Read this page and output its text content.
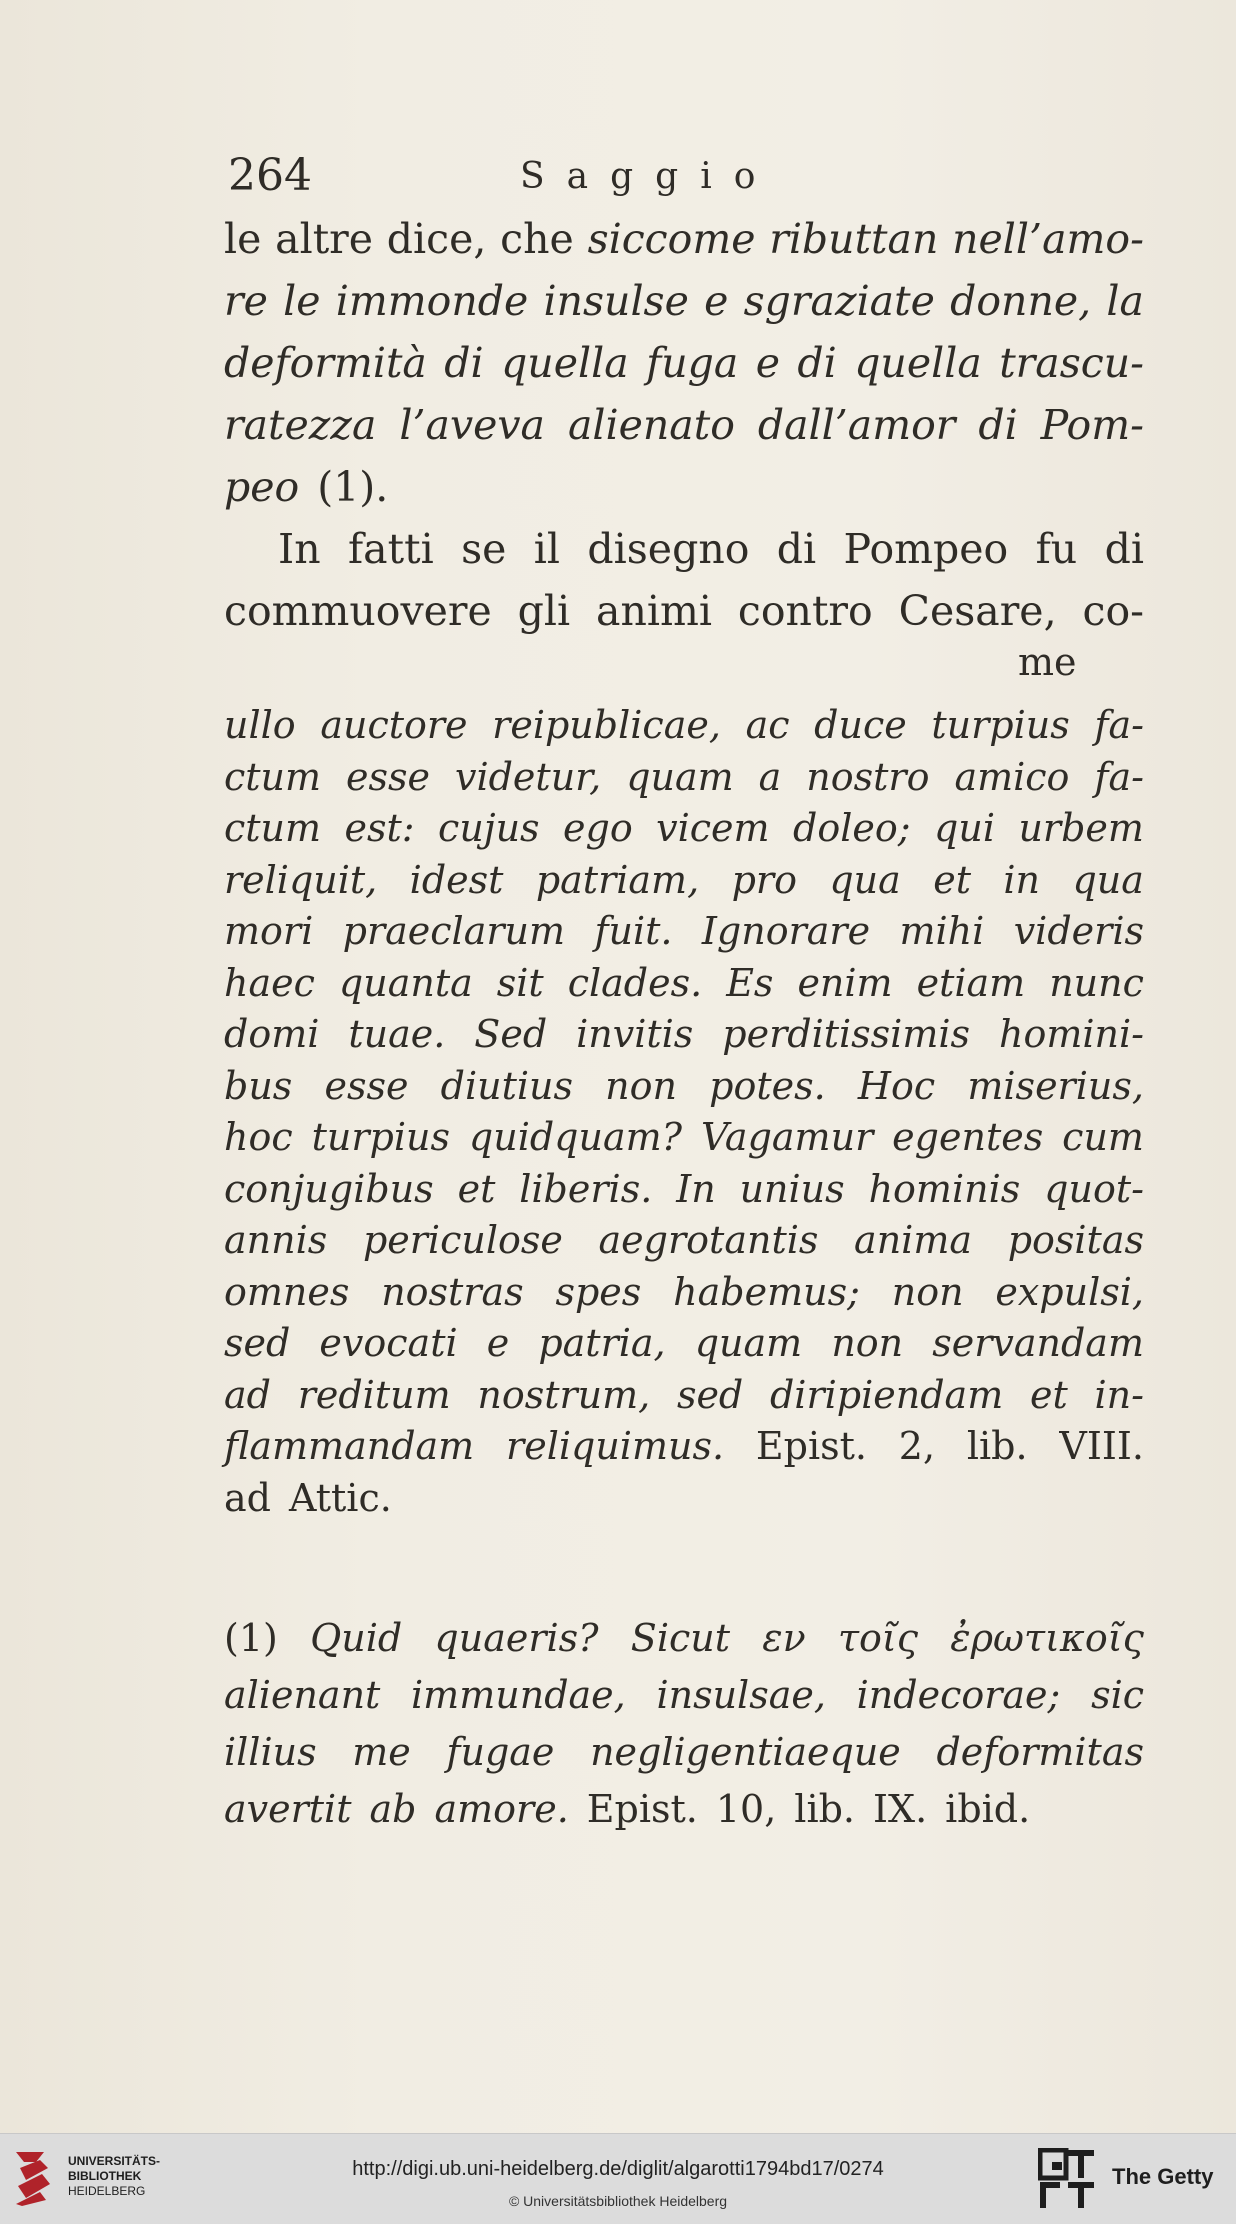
264	Saggio
le altre dice, che siccome ributtan nell’amo-
re le immonde insulse e sgraziate donne, la
deformità di quella fuga e di quella trascu-
ratezza l’aveva alienato dall’amor di Pom-
peo (1).
In fatti se il disegno di Pompeo fu di
commuovere gli animi contro Cesare, co-
me
ullo auctore reipublicae, ac duce turpius fa-
ctum esse videtur, quam a nostro amico fa-
ctum est: cujus ego vicem doleo; qui urbem
reliquit, idest patriam, pro qua et in qua
mori praeclarum fuit. Ignorare mihi videris
haec quanta sit clades. Es enim etiam nunc
domi tuae. Sed invitis perditissimis homini-
bus esse diutius non potes. Hoc miserius,
hoc turpius quidquam? Vagamur egentes cum
conjugibus et liberis. In unius hominis quot-
annis periculose aegrotantis anima positas
omnes nostras spes habemus; non expulsi,
sed evocati e patria, quam non servandam
ad reditum nostrum, sed diripiendam et in-
flammandam reliquimus. Epist. 2, lib. VIII.
ad Attic.
(1) Quid quaeris? Sicut εν τοῖς ἐρωτικοῖς
alienant immundae, insulsae, indecorae; sic
illius me fugae negligentiaeque deformitas
avertit ab amore. Epist. 10, lib. IX. ibid.
UNIVERSITÄTS-
BIBLIOTHEK
HEIDELBERG
http://digi.ub.uni-heidelberg.de/diglit/algarotti1794bd17/0274
© Universitätsbibliothek Heidelberg
The Getty
